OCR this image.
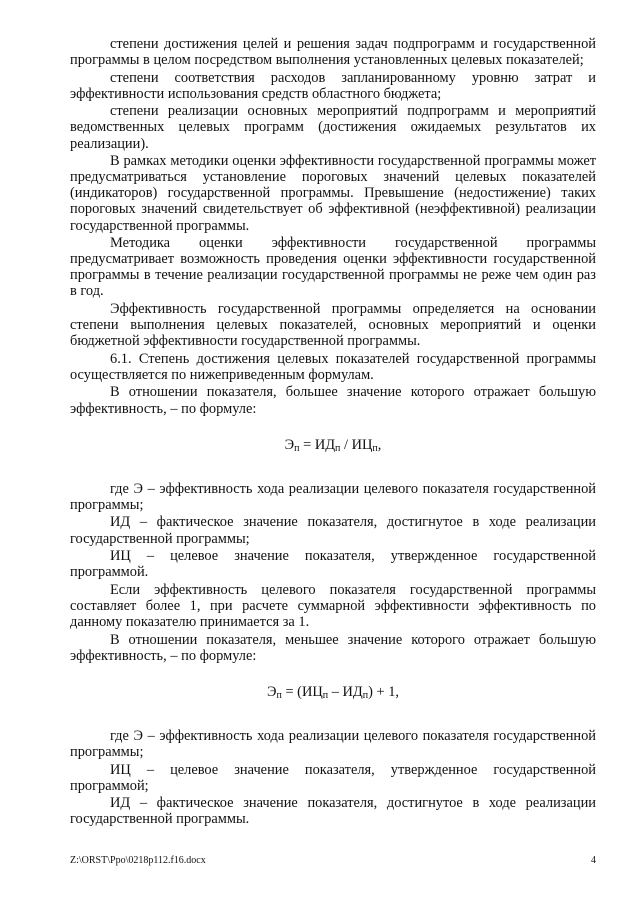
степени достижения целей и решения задач подпрограмм и государственной программы в целом посредством выполнения установленных целевых показателей;

степени соответствия расходов запланированному уровню затрат и эффективности использования средств областного бюджета;

степени реализации основных мероприятий подпрограмм и мероприятий ведомственных целевых программ (достижения ожидаемых результатов их реализации).

В рамках методики оценки эффективности государственной программы может предусматриваться установление пороговых значений целевых показателей (индикаторов) государственной программы. Превышение (недостижение) таких пороговых значений свидетельствует об эффективной (неэффективной) реализации государственной программы.

Методика оценки эффективности государственной программы предусматривает возможность проведения оценки эффективности государственной программы в течение реализации государственной программы не реже чем один раз в год.

Эффективность государственной программы определяется на основании степени выполнения целевых показателей, основных мероприятий и оценки бюджетной эффективности государственной программы.

6.1. Степень достижения целевых показателей государственной программы осуществляется по нижеприведенным формулам.

В отношении показателя, большее значение которого отражает большую эффективность, – по формуле:

$Э_п = ИД_п / ИЦ_п$,

где Э – эффективность хода реализации целевого показателя государственной программы;

ИД – фактическое значение показателя, достигнутое в ходе реализации государственной программы;

ИЦ – целевое значение показателя, утвержденное государственной программой.

Если эффективность целевого показателя государственной программы составляет более 1, при расчете суммарной эффективности эффективность по данному показателю принимается за 1.

В отношении показателя, меньшее значение которого отражает большую эффективность, – по формуле:

$Э_п = (ИЦ_п - ИД_п) + 1$,

где Э – эффективность хода реализации целевого показателя государственной программы;

ИЦ – целевое значение показателя, утвержденное государственной программой;

ИД – фактическое значение показателя, достигнутое в ходе реализации государственной программы.

Z:\ORST\Ppo\0218p112.f16.docx	4
